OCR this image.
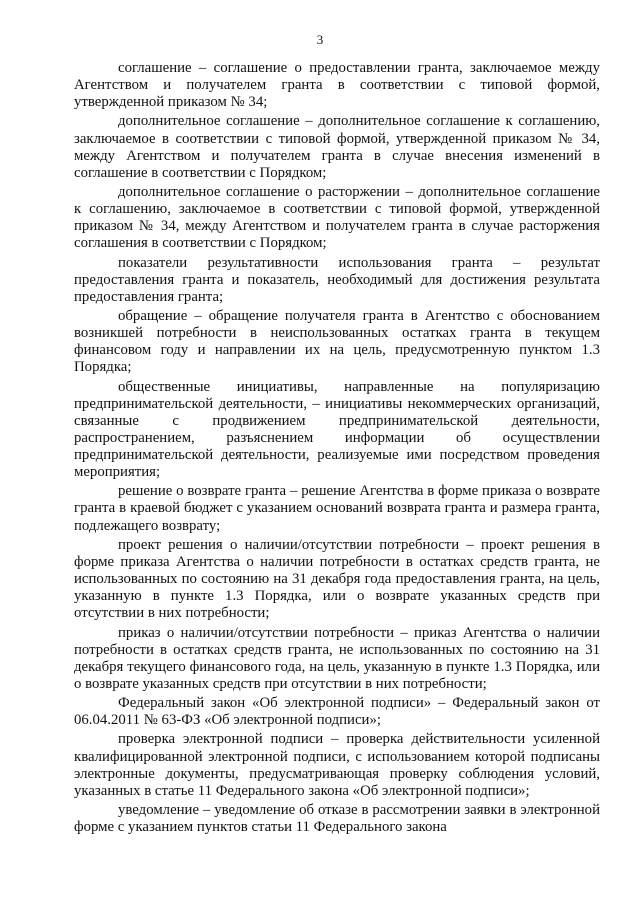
3

соглашение – соглашение о предоставлении гранта, заключаемое между Агентством и получателем гранта в соответствии с типовой формой, утвержденной приказом № 34;

дополнительное соглашение – дополнительное соглашение к соглашению, заключаемое в соответствии с типовой формой, утвержденной приказом № 34, между Агентством и получателем гранта в случае внесения изменений в соглашение в соответствии с Порядком;

дополнительное соглашение о расторжении – дополнительное соглашение к соглашению, заключаемое в соответствии с типовой формой, утвержденной приказом № 34, между Агентством и получателем гранта в случае расторжения соглашения в соответствии с Порядком;

показатели результативности использования гранта – результат предоставления гранта и показатель, необходимый для достижения результата предоставления гранта;

обращение – обращение получателя гранта в Агентство с обоснованием возникшей потребности в неиспользованных остатках гранта в текущем финансовом году и направлении их на цель, предусмотренную пунктом 1.3 Порядка;

общественные инициативы, направленные на популяризацию предпринимательской деятельности, – инициативы некоммерческих организаций, связанные с продвижением предпринимательской деятельности, распространением, разъяснением информации об осуществлении предпринимательской деятельности, реализуемые ими посредством проведения мероприятия;

решение о возврате гранта – решение Агентства в форме приказа о возврате гранта в краевой бюджет с указанием оснований возврата гранта и размера гранта, подлежащего возврату;

проект решения о наличии/отсутствии потребности – проект решения в форме приказа Агентства о наличии потребности в остатках средств гранта, не использованных по состоянию на 31 декабря года предоставления гранта, на цель, указанную в пункте 1.3 Порядка, или о возврате указанных средств при отсутствии в них потребности;

приказ о наличии/отсутствии потребности – приказ Агентства о наличии потребности в остатках средств гранта, не использованных по состоянию на 31 декабря текущего финансового года, на цель, указанную в пункте 1.3 Порядка, или о возврате указанных средств при отсутствии в них потребности;

Федеральный закон «Об электронной подписи» – Федеральный закон от 06.04.2011 № 63-ФЗ «Об электронной подписи»;

проверка электронной подписи – проверка действительности усиленной квалифицированной электронной подписи, с использованием которой подписаны электронные документы, предусматривающая проверку соблюдения условий, указанных в статье 11 Федерального закона «Об электронной подписи»;

уведомление – уведомление об отказе в рассмотрении заявки в электронной форме с указанием пунктов статьи 11 Федерального закона
